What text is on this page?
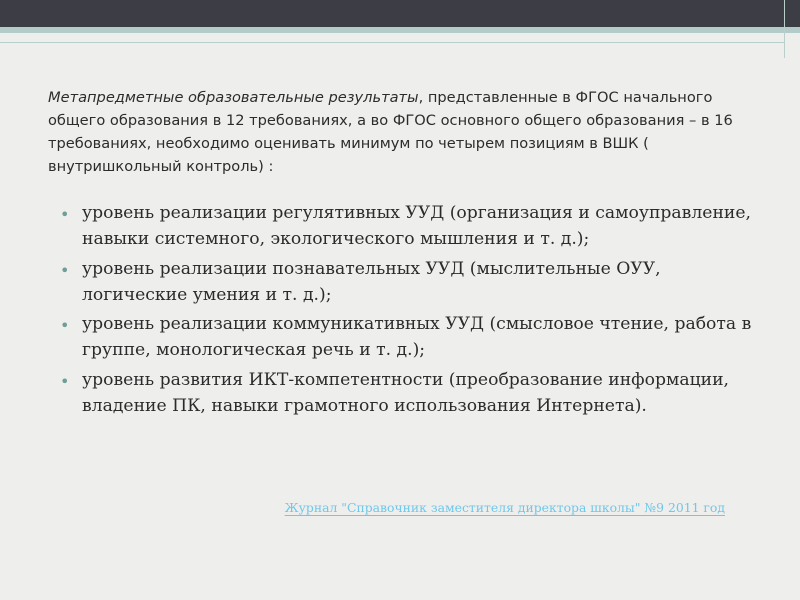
Метапредметные образовательные результаты, представленные в ФГОС начального общего образования в 12 требованиях, а во ФГОС основного общего образования – в 16 требованиях, необходимо оценивать минимум по четырем позициям в ВШК ( внутришкольный контроль) :

• уровень реализации регулятивных УУД (организация и самоуправление, навыки системного, экологического мышления и т. д.);
• уровень реализации познавательных УУД (мыслительные ОУУ, логические умения и т. д.);
• уровень реализации коммуникативных УУД (смысловое чтение, работа в группе, монологическая речь и т. д.);
• уровень развития ИКТ-компетентности (преобразование информации, владение ПК, навыки грамотного использования Интернета).
Журнал "Справочник заместителя директора школы" №9 2011 год
